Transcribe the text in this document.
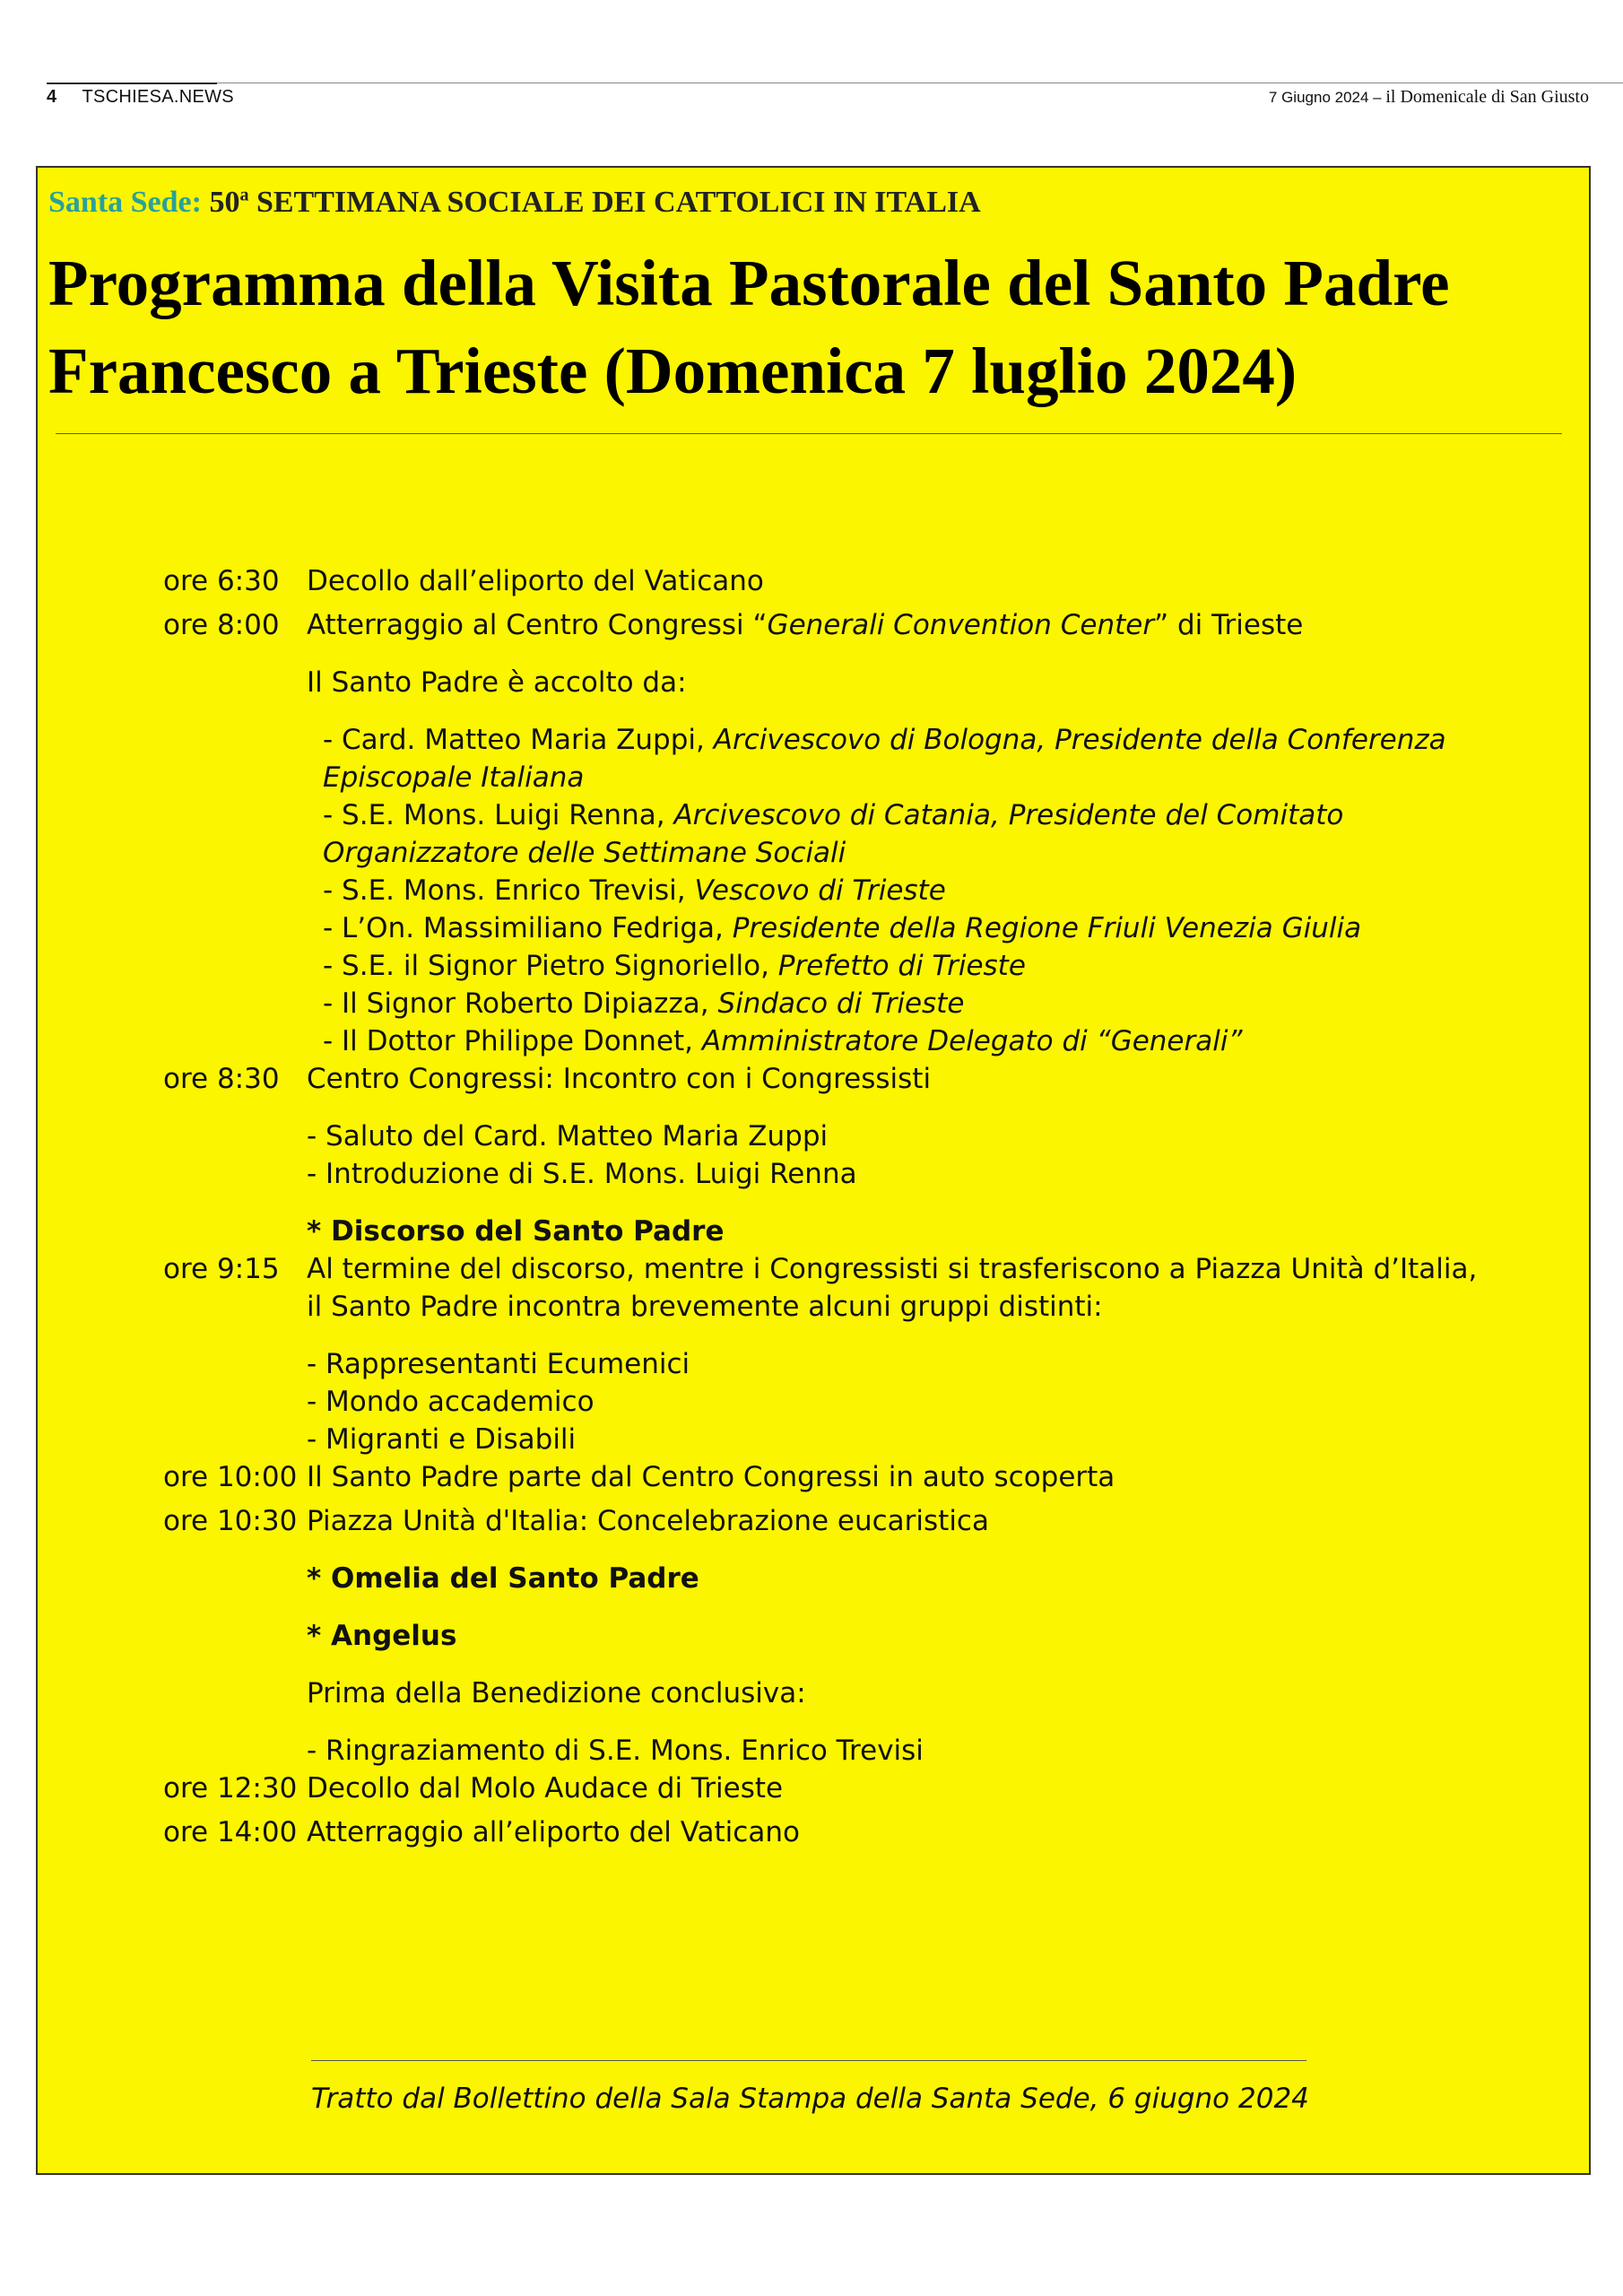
4 TSCHIESA.NEWS	7 Giugno 2024 – il Domenicale di San Giusto
Santa Sede: 50$^a$ SETTIMANA SOCIALE DEI CATTOLICI IN ITALIA
Programma della Visita Pastorale del Santo Padre
Francesco a Trieste (Domenica 7 luglio 2024)
ore 6:30 Decollo dall’eliporto del Vaticano
ore 8:00 Atterraggio al Centro Congressi “Generali Convention Center” di Trieste
Il Santo Padre è accolto da:
- Card. Matteo Maria Zuppi, Arcivescovo di Bologna, Presidente della Conferenza
Episcopale Italiana
- S.E. Mons. Luigi Renna, Arcivescovo di Catania, Presidente del Comitato
Organizzatore delle Settimane Sociali
- S.E. Mons. Enrico Trevisi, Vescovo di Trieste
- L’On. Massimiliano Fedriga, Presidente della Regione Friuli Venezia Giulia
- S.E. il Signor Pietro Signoriello, Prefetto di Trieste
- Il Signor Roberto Dipiazza, Sindaco di Trieste
- Il Dottor Philippe Donnet, Amministratore Delegato di “Generali”
ore 8:30 Centro Congressi: Incontro con i Congressisti
- Saluto del Card. Matteo Maria Zuppi
- Introduzione di S.E. Mons. Luigi Renna
* Discorso del Santo Padre
ore 9:15 Al termine del discorso, mentre i Congressisti si trasferiscono a Piazza Unità d’Italia,
il Santo Padre incontra brevemente alcuni gruppi distinti:
- Rappresentanti Ecumenici
- Mondo accademico
- Migranti e Disabili
ore 10:00 Il Santo Padre parte dal Centro Congressi in auto scoperta
ore 10:30 Piazza Unità d'Italia: Concelebrazione eucaristica
* Omelia del Santo Padre
* Angelus
Prima della Benedizione conclusiva:
- Ringraziamento di S.E. Mons. Enrico Trevisi
ore 12:30 Decollo dal Molo Audace di Trieste
ore 14:00 Atterraggio all’eliporto del Vaticano
Tratto dal Bollettino della Sala Stampa della Santa Sede, 6 giugno 2024
